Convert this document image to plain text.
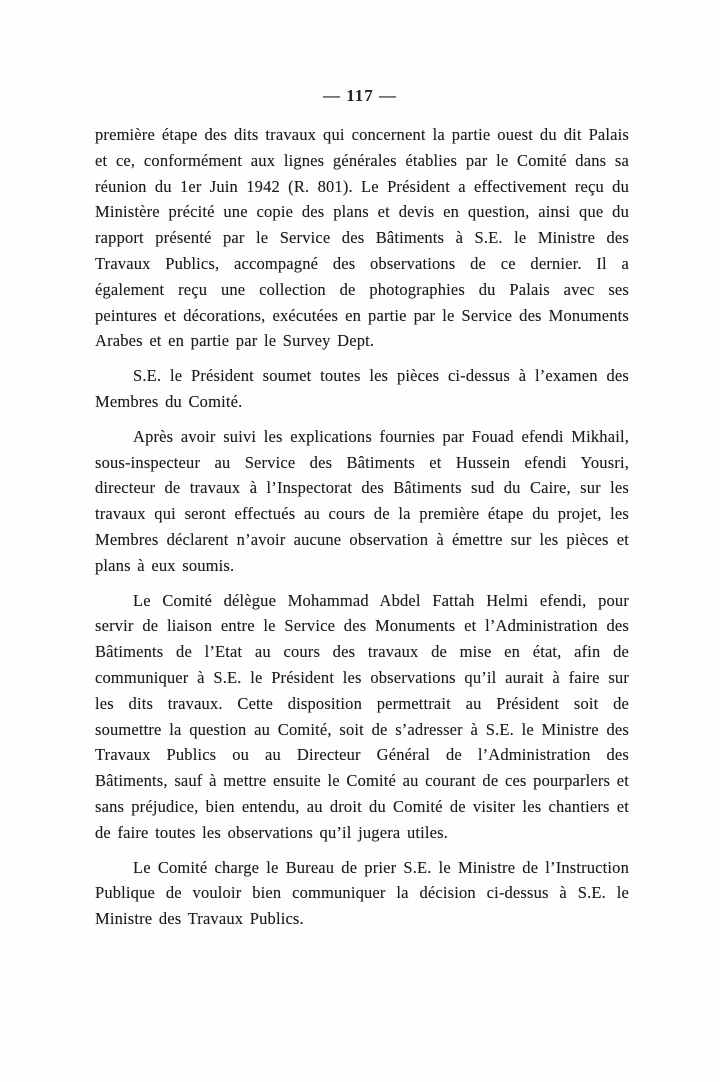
— 117 —

première étape des dits travaux qui concernent la partie ouest du dit Palais et ce, conformément aux lignes générales établies par le Comité dans sa réunion du 1er Juin 1942 (R. 801). Le Président a effectivement reçu du Ministère précité une copie des plans et devis en question, ainsi que du rapport présenté par le Service des Bâtiments à S.E. le Ministre des Travaux Publics, accompagné des observations de ce dernier. Il a également reçu une collection de photographies du Palais avec ses peintures et décorations, exécutées en partie par le Service des Monuments Arabes et en partie par le Survey Dept.

S.E. le Président soumet toutes les pièces ci-dessus à l’examen des Membres du Comité.

Après avoir suivi les explications fournies par Fouad efendi Mikhail, sous-inspecteur au Service des Bâtiments et Hussein efendi Yousri, directeur de travaux à l’Inspectorat des Bâtiments sud du Caire, sur les travaux qui seront effectués au cours de la première étape du projet, les Membres déclarent n’avoir aucune observation à émettre sur les pièces et plans à eux soumis.

Le Comité délègue Mohammad Abdel Fattah Helmi efendi, pour servir de liaison entre le Service des Monuments et l’Administration des Bâtiments de l’Etat au cours des travaux de mise en état, afin de communiquer à S.E. le Président les observations qu’il aurait à faire sur les dits travaux. Cette disposition permettrait au Président soit de soumettre la question au Comité, soit de s’adresser à S.E. le Ministre des Travaux Publics ou au Directeur Général de l’Administration des Bâtiments, sauf à mettre ensuite le Comité au courant de ces pourparlers et sans préjudice, bien entendu, au droit du Comité de visiter les chantiers et de faire toutes les observations qu’il jugera utiles.

Le Comité charge le Bureau de prier S.E. le Ministre de l’Instruction Publique de vouloir bien communiquer la décision ci-dessus à S.E. le Ministre des Travaux Publics.
